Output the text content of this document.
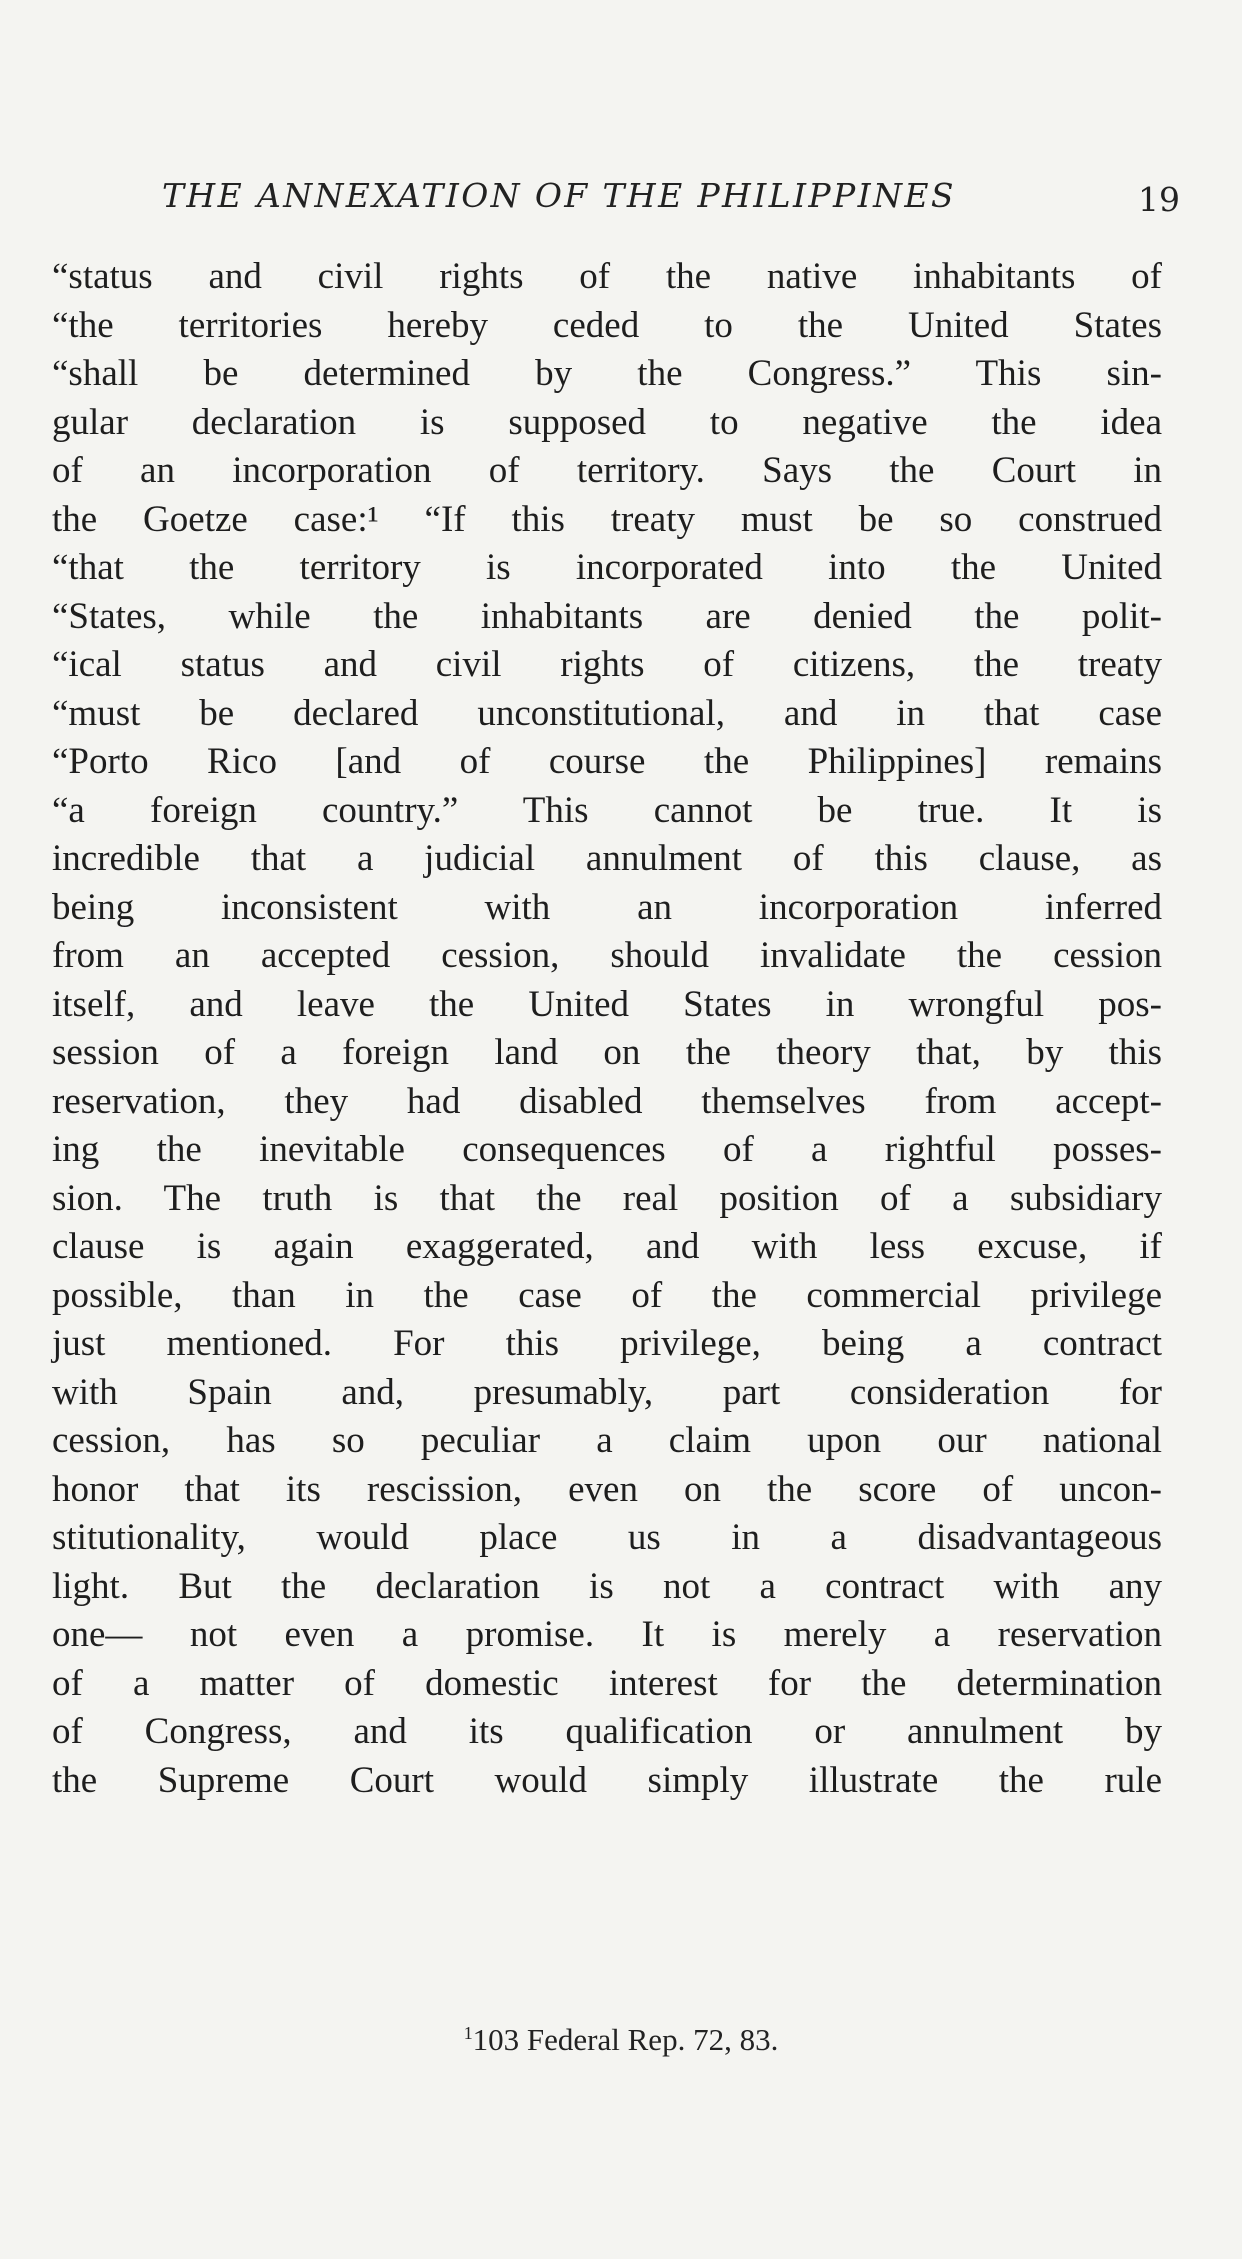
THE ANNEXATION OF THE PHILIPPINES	19
“status and civil rights of the native inhabitants of
“the territories hereby ceded to the United States
“shall be determined by the Congress.” This sin-
gular declaration is supposed to negative the idea
of an incorporation of territory. Says the Court in
the Goetze case:¹ “If this treaty must be so construed
“that the territory is incorporated into the United
“States, while the inhabitants are denied the polit-
“ical status and civil rights of citizens, the treaty
“must be declared unconstitutional, and in that case
“Porto Rico [and of course the Philippines] remains
“a foreign country.” This cannot be true. It is
incredible that a judicial annulment of this clause, as
being inconsistent with an incorporation inferred
from an accepted cession, should invalidate the cession
itself, and leave the United States in wrongful pos-
session of a foreign land on the theory that, by this
reservation, they had disabled themselves from accept-
ing the inevitable consequences of a rightful posses-
sion. The truth is that the real position of a subsidiary
clause is again exaggerated, and with less excuse, if
possible, than in the case of the commercial privilege
just mentioned. For this privilege, being a contract
with Spain and, presumably, part consideration for
cession, has so peculiar a claim upon our national
honor that its rescission, even on the score of uncon-
stitutionality, would place us in a disadvantageous
light. But the declaration is not a contract with any
one— not even a promise. It is merely a reservation
of a matter of domestic interest for the determination
of Congress, and its qualification or annulment by
the Supreme Court would simply illustrate the rule
$^1$103 Federal Rep. 72, 83.
